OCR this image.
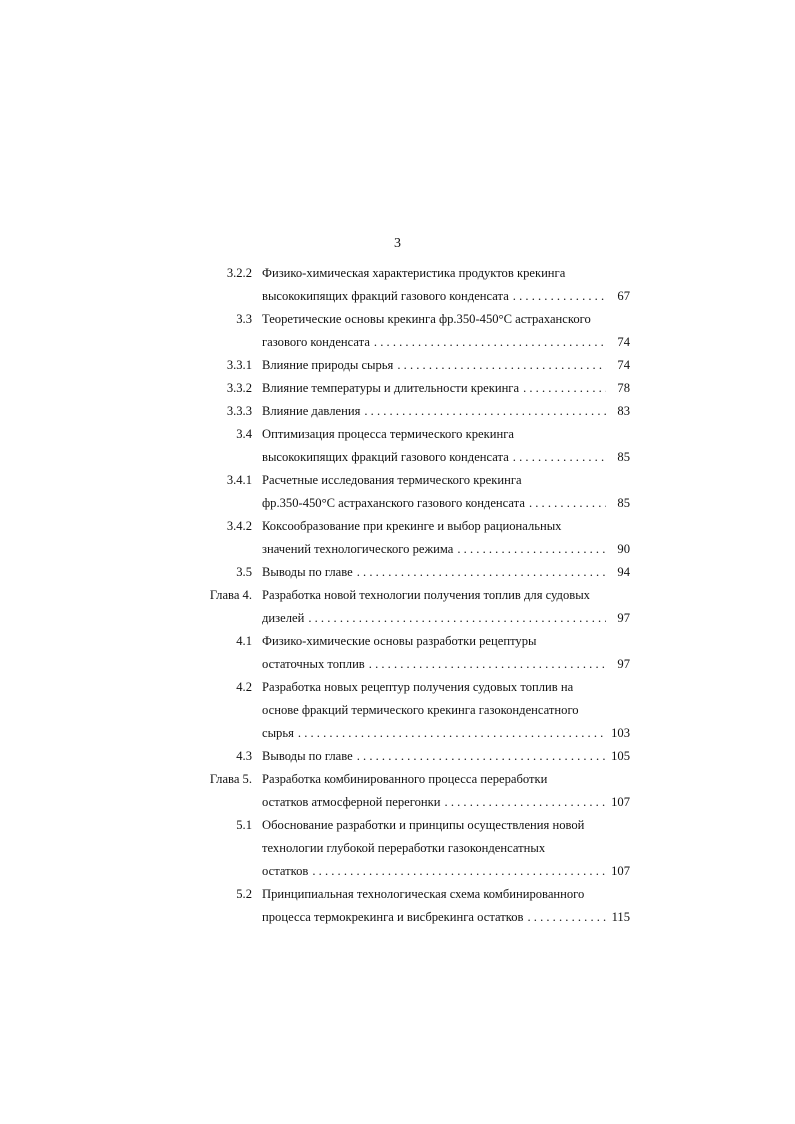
3
3.2.2 Физико-химическая характеристика продуктов крекинга
высококипящих фракций газового конденсата . . .	67
3.3 Теоретические основы крекинга фр.350-450°С астраханского
газового конденсата . . .	74
3.3.1 Влияние природы сырья . . .	74
3.3.2 Влияние температуры и длительности крекинга . . .	78
3.3.3 Влияние давления . . .	83
3.4 Оптимизация процесса термического крекинга
высококипящих фракций газового конденсата . . .	85
3.4.1 Расчетные исследования термического крекинга
фр.350-450°С астраханского газового конденсата . . .	85
3.4.2 Коксообразование при крекинге и выбор рациональных
значений технологического режима . . .	90
3.5 Выводы по главе . . .	94
Глава 4. Разработка новой технологии получения топлив для судовых
дизелей . . .	97
4.1 Физико-химические основы разработки рецептуры
остаточных топлив . . .	97
4.2 Разработка новых рецептур получения судовых топлив на
основе фракций термического крекинга газоконденсатного
сырья . . .	103
4.3 Выводы по главе . . .	105
Глава 5. Разработка комбинированного процесса переработки
остатков атмосферной перегонки . . .	107
5.1 Обоснование разработки и принципы осуществления новой
технологии глубокой переработки газоконденсатных
остатков . . .	107
5.2 Принципиальная технологическая схема комбинированного
процесса термокрекинга и висбрекинга остатков . . .	115
